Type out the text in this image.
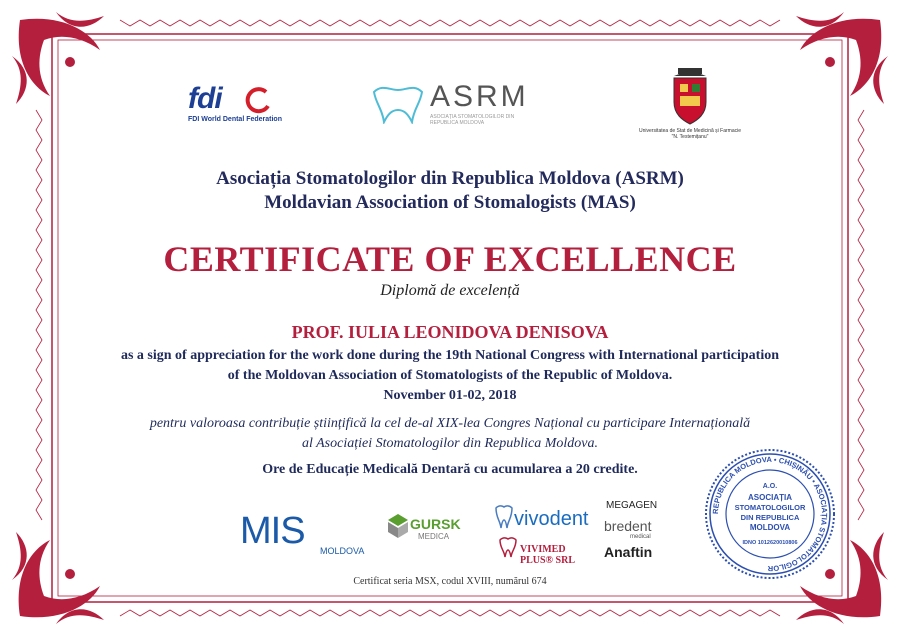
fdi
FDI World Dental Federation
ASRM
ASOCIAȚIA STOMATOLOGILOR DIN REPUBLICA MOLDOVA
Universitatea de Stat de Medicină și Farmacie "N. Testemițanu"
Asociația Stomatologilor din Republica Moldova (ASRM)
Moldavian Association of Stomalogists (MAS)
CERTIFICATE OF EXCELLENCE
Diplomă de excelență
PROF. IULIA LEONIDOVA DENISOVA
as a sign of appreciation for the work done during the 19th National Congress with International participation
of the Moldovan Association of Stomatologists of the Republic of Moldova.
November 01-02, 2018
pentru valoroasa contribuție științifică la cel de-al XIX-lea Congres Național cu participare Internațională
al Asociației Stomatologilor din Republica Moldova.
Ore de Educație Medicală Dentară cu acumularea a 20 credite.
Certificat seria MSX, codul XVIII, numărul 674
MIS MOLDOVA
GURSK
MEDICA
vivodent
VIVIMED PLUS® SRL
MEGAGEN
bredent
medical
Anaftin
REPUBLICA MOLDOVA • CHIȘINĂU • ASOCIAȚIA STOMATOLOGILOR
A.O.
ASOCIAȚIA
STOMATOLOGILOR
DIN REPUBLICA
MOLDOVA
IDNO 1012620010806
